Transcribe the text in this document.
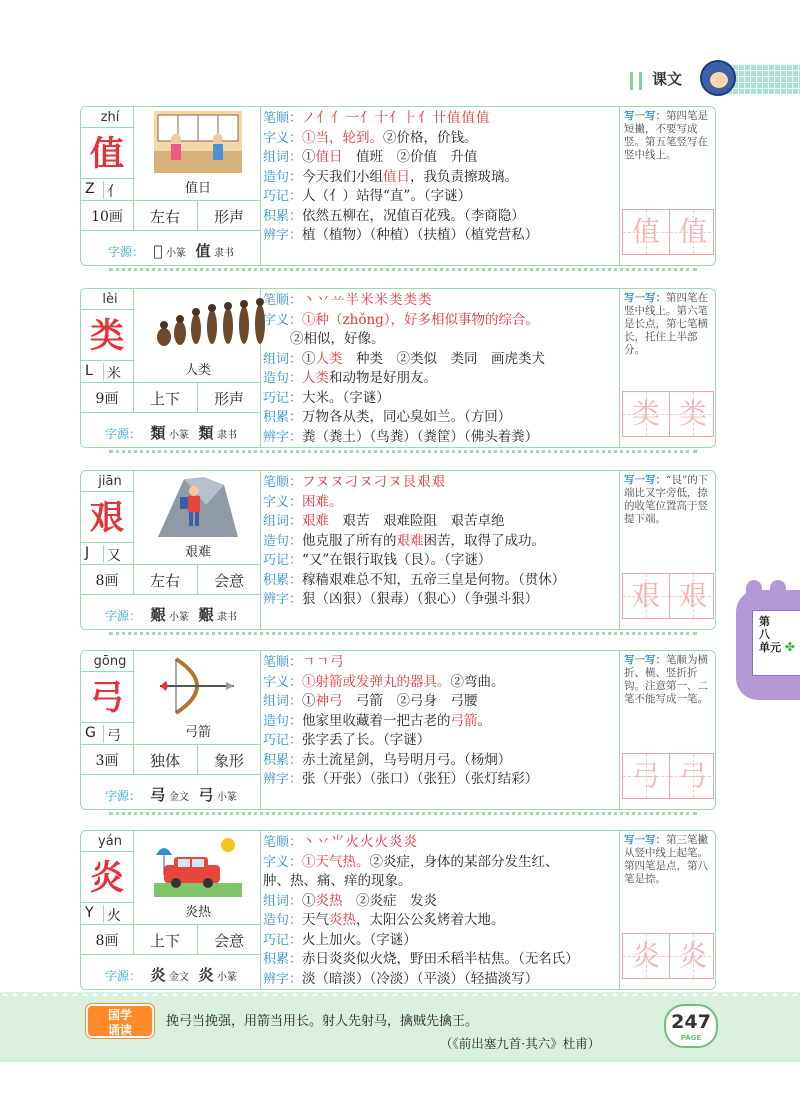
课文
第
八
单元 ✤
zhí
值
Z 亻	值日
10画	左右	形声
字源： 𠉀 小篆 值 隶书
笔顺：ノ亻亻一亻十亻⺊亻卄值值值
字义：①当，轮到。②价格，价钱。
组词：①值日　值班　②价值　升值
造句：今天我们小组值日，我负责擦玻璃。
巧记：人（亻）站得“直”。（字谜）
积累：依然五柳在，况值百花残。（李商隐）
辨字：植（植物）（种植）（扶植）（植党营私）
写一写：第四笔是短撇，不要写成竖。第五笔竖写在竖中线上。
值 值
lèi
类
L 米	人类
9画	上下	形声
字源： 類 小篆 類 隶书
笔顺：丶丷䒑半米米类类类
字义：①种（zhǒng），好多相似事物的综合。
　　②相似，好像。
组词：①人类　种类　②类似　类同　画虎类犬
造句：人类和动物是好朋友。
巧记：大米。（字谜）
积累：万物各从类，同心臭如兰。（方回）
辨字：粪（粪土）（鸟粪）（粪筐）（佛头着粪）
写一写：第四笔在竖中线上。第六笔是长点，第七笔横长，托住上半部分。
类 类
jiān
艰
J 又	艰难
8画	左右	会意
字源： 艱 小篆 艱 隶书
笔顺：フヌヌ刁ヌ刁ヌ艮艰艰
字义：困难。
组词：艰难　艰苦　艰难险阻　艰苦卓绝
造句：他克服了所有的艰难困苦，取得了成功。
巧记：“又”在银行取钱（艮）。（字谜）
积累：稼穑艰难总不知，五帝三皇是何物。（贯休）
辨字：狠（凶狠）（狠毒）（狠心）（争强斗狠）
写一写：“艮”的下端比又字旁低，捺的收笔位置高于竖提下端。
艰 艰
gōng
弓
G 弓	弓箭
3画	独体	象形
字源： 㢧 金文 弓 小篆
笔顺：ㄱㄱ弓
字义：①射箭或发弹丸的器具。②弯曲。
组词：①神弓　弓箭　②弓身　弓腰
造句：他家里收藏着一把古老的弓箭。
巧记：张字丢了长。（字谜）
积累：赤土流星剑，乌号明月弓。（杨炯）
辨字：张（开张）（张口）（张狂）（张灯结彩）
写一写：笔顺为横折、横、竖折折钩。注意第一、二笔不能写成一笔。
弓 弓
yán
炎
Y 火	炎热
8画	上下	会意
字源： 炎 金文 炎 小篆
笔顺：丶丷⺌火火火炎炎
字义：①天气热。②炎症，身体的某部分发生红、
肿、热、痛、痒的现象。
组词：①炎热　②炎症　发炎
造句：天气炎热，太阳公公炙烤着大地。
巧记：火上加火。（字谜）
积累：赤日炎炎似火烧，野田禾稻半枯焦。（无名氏）
辨字：淡（暗淡）（冷淡）（平淡）（轻描淡写）
写一写：第三笔撇从竖中线上起笔。第四笔是点，第八笔是捺。
炎 炎
国学
诵读
挽弓当挽强，用箭当用长。射人先射马，擒贼先擒王。
（《前出塞九首·其六》杜甫）
247
PAGE
